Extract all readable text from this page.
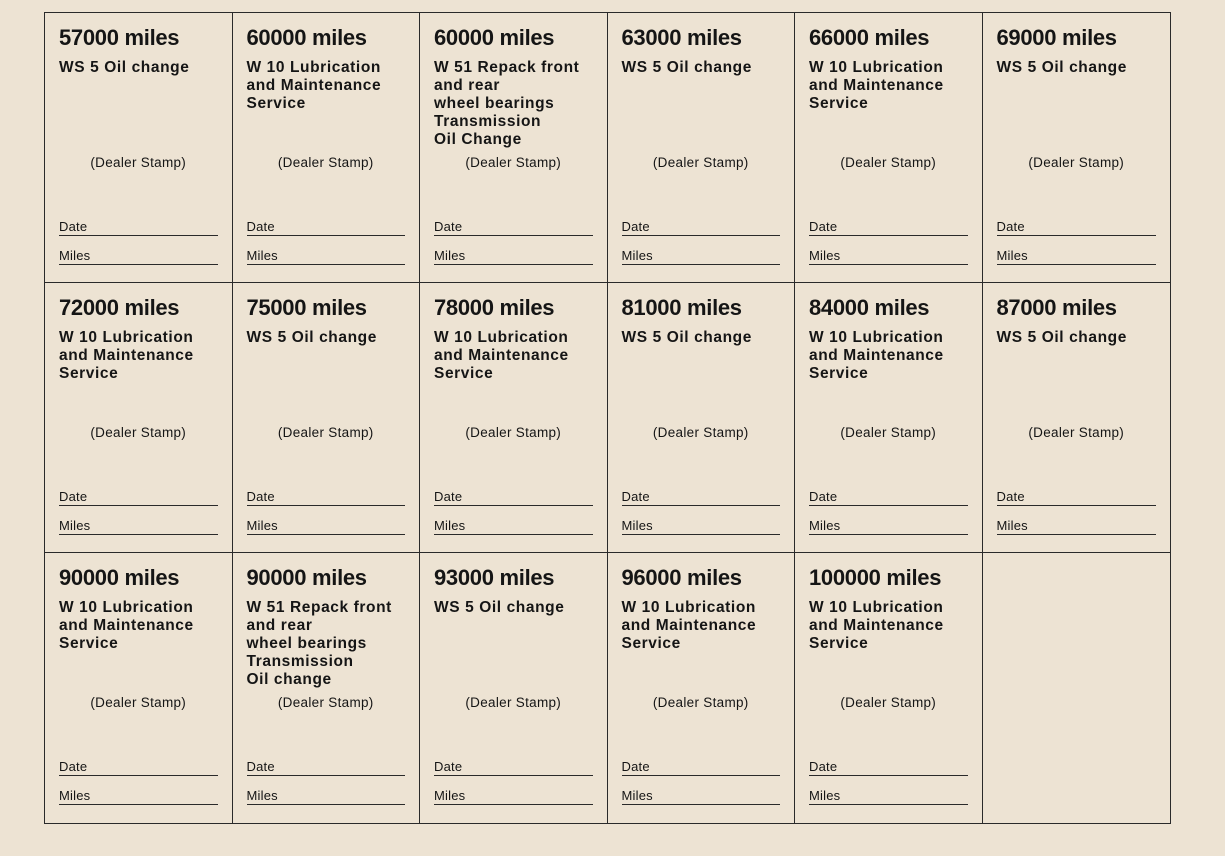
57000 miles
WS 5 Oil change
(Dealer Stamp)
Date
Miles
60000 miles
W 10 Lubrication
and Maintenance
Service
(Dealer Stamp)
Date
Miles
60000 miles
W 51 Repack front
and rear
wheel bearings
Transmission
Oil Change
(Dealer Stamp)
Date
Miles
63000 miles
WS 5 Oil change
(Dealer Stamp)
Date
Miles
66000 miles
W 10 Lubrication
and Maintenance
Service
(Dealer Stamp)
Date
Miles
69000 miles
WS 5 Oil change
(Dealer Stamp)
Date
Miles
72000 miles
W 10 Lubrication
and Maintenance
Service
(Dealer Stamp)
Date
Miles
75000 miles
WS 5 Oil change
(Dealer Stamp)
Date
Miles
78000 miles
W 10 Lubrication
and Maintenance
Service
(Dealer Stamp)
Date
Miles
81000 miles
WS 5 Oil change
(Dealer Stamp)
Date
Miles
84000 miles
W 10 Lubrication
and Maintenance
Service
(Dealer Stamp)
Date
Miles
87000 miles
WS 5 Oil change
(Dealer Stamp)
Date
Miles
90000 miles
W 10 Lubrication
and Maintenance
Service
(Dealer Stamp)
Date
Miles
90000 miles
W 51 Repack front
and rear
wheel bearings
Transmission
Oil change
(Dealer Stamp)
Date
Miles
93000 miles
WS 5 Oil change
(Dealer Stamp)
Date
Miles
96000 miles
W 10 Lubrication
and Maintenance
Service
(Dealer Stamp)
Date
Miles
100000 miles
W 10 Lubrication
and Maintenance
Service
(Dealer Stamp)
Date
Miles
